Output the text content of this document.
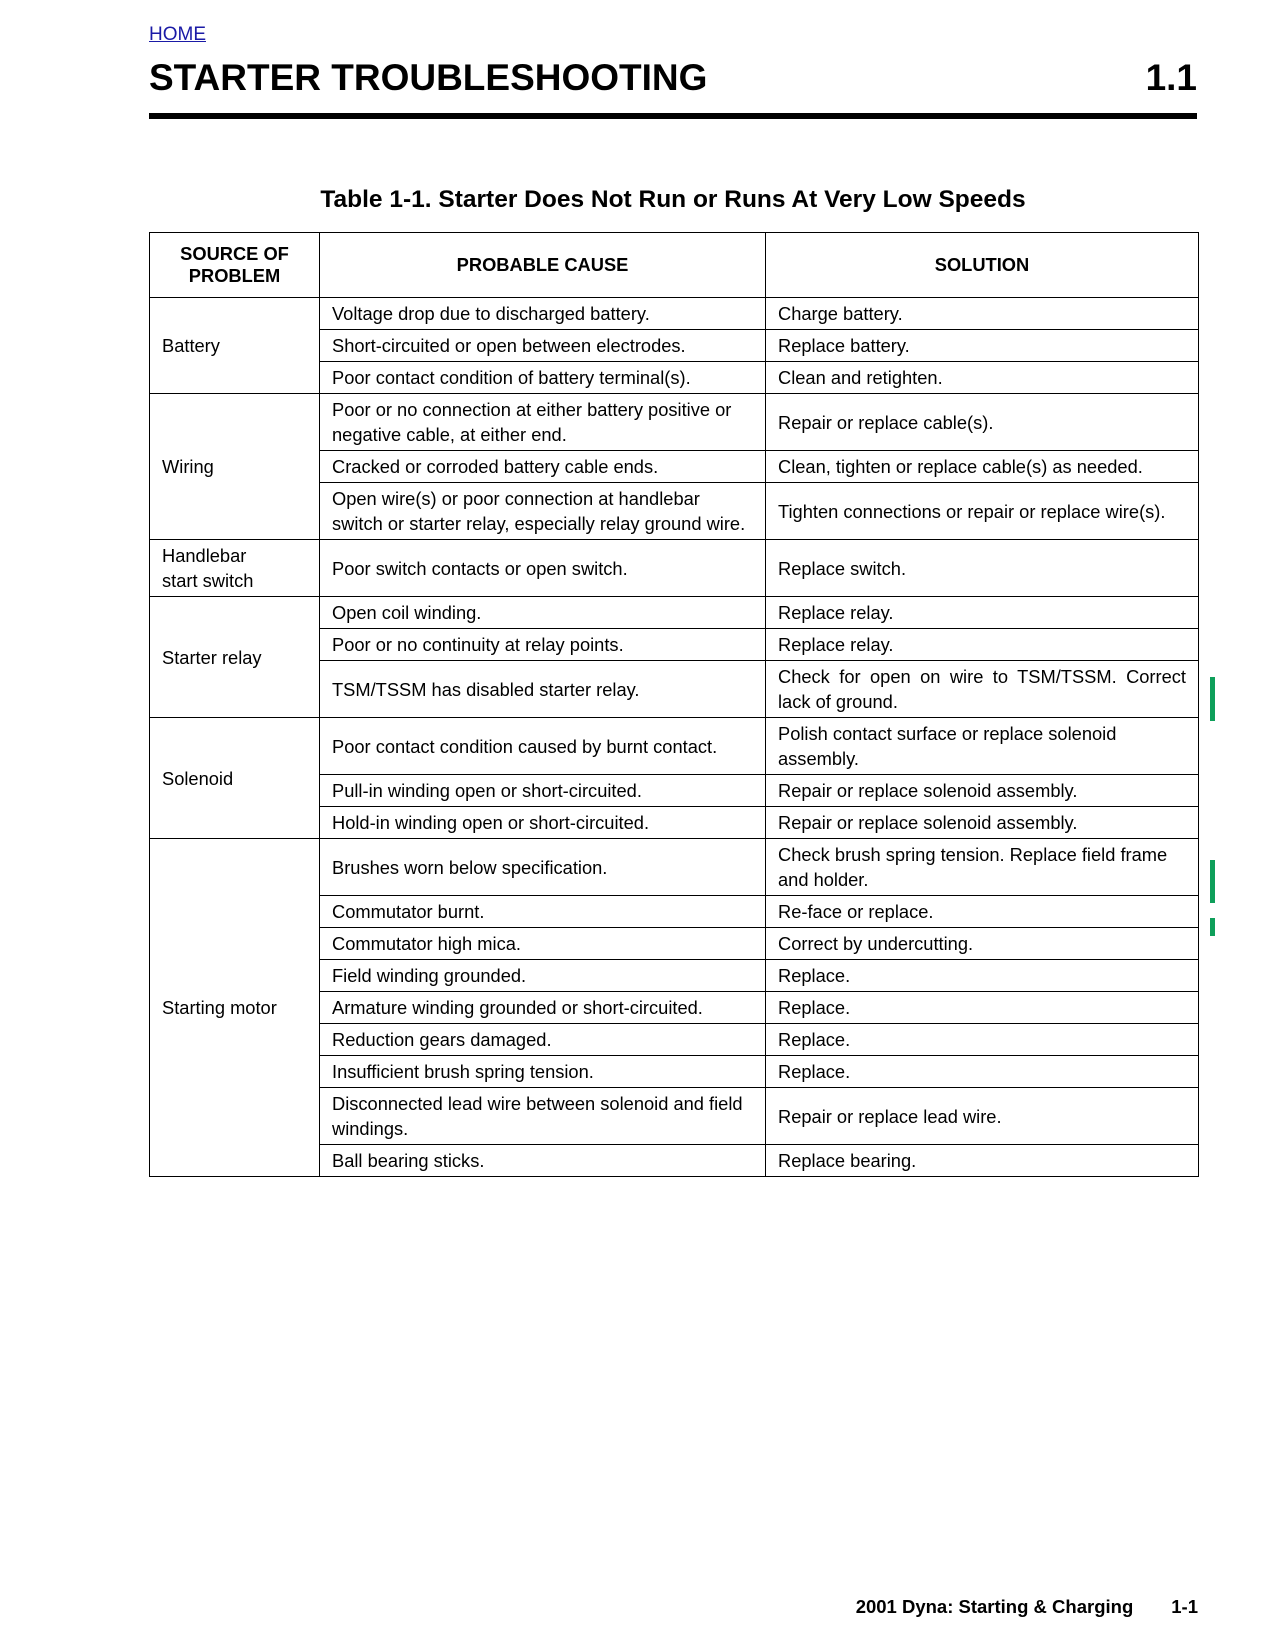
HOME
STARTER TROUBLESHOOTING	1.1
Table 1-1. Starter Does Not Run or Runs At Very Low Speeds
SOURCE OF
PROBLEM	PROBABLE CAUSE	SOLUTION
Battery	Voltage drop due to discharged battery.	Charge battery.
	Short-circuited or open between electrodes.	Replace battery.
	Poor contact condition of battery terminal(s).	Clean and retighten.
Wiring	Poor or no connection at either battery positive or negative cable, at either end.	Repair or replace cable(s).
	Cracked or corroded battery cable ends.	Clean, tighten or replace cable(s) as needed.
	Open wire(s) or poor connection at handlebar switch or starter relay, especially relay ground wire.	Tighten connections or repair or replace wire(s).
Handlebar start switch	Poor switch contacts or open switch.	Replace switch.
Starter relay	Open coil winding.	Replace relay.
	Poor or no continuity at relay points.	Replace relay.
	TSM/TSSM has disabled starter relay.	Check for open on wire to TSM/TSSM. Correct lack of ground.
Solenoid	Poor contact condition caused by burnt contact.	Polish contact surface or replace solenoid assembly.
	Pull-in winding open or short-circuited.	Repair or replace solenoid assembly.
	Hold-in winding open or short-circuited.	Repair or replace solenoid assembly.
Starting motor	Brushes worn below specification.	Check brush spring tension. Replace field frame and holder.
	Commutator burnt.	Re-face or replace.
	Commutator high mica.	Correct by undercutting.
	Field winding grounded.	Replace.
	Armature winding grounded or short-circuited.	Replace.
	Reduction gears damaged.	Replace.
	Insufficient brush spring tension.	Replace.
	Disconnected lead wire between solenoid and field windings.	Repair or replace lead wire.
	Ball bearing sticks.	Replace bearing.
2001 Dyna: Starting & Charging 1-1
